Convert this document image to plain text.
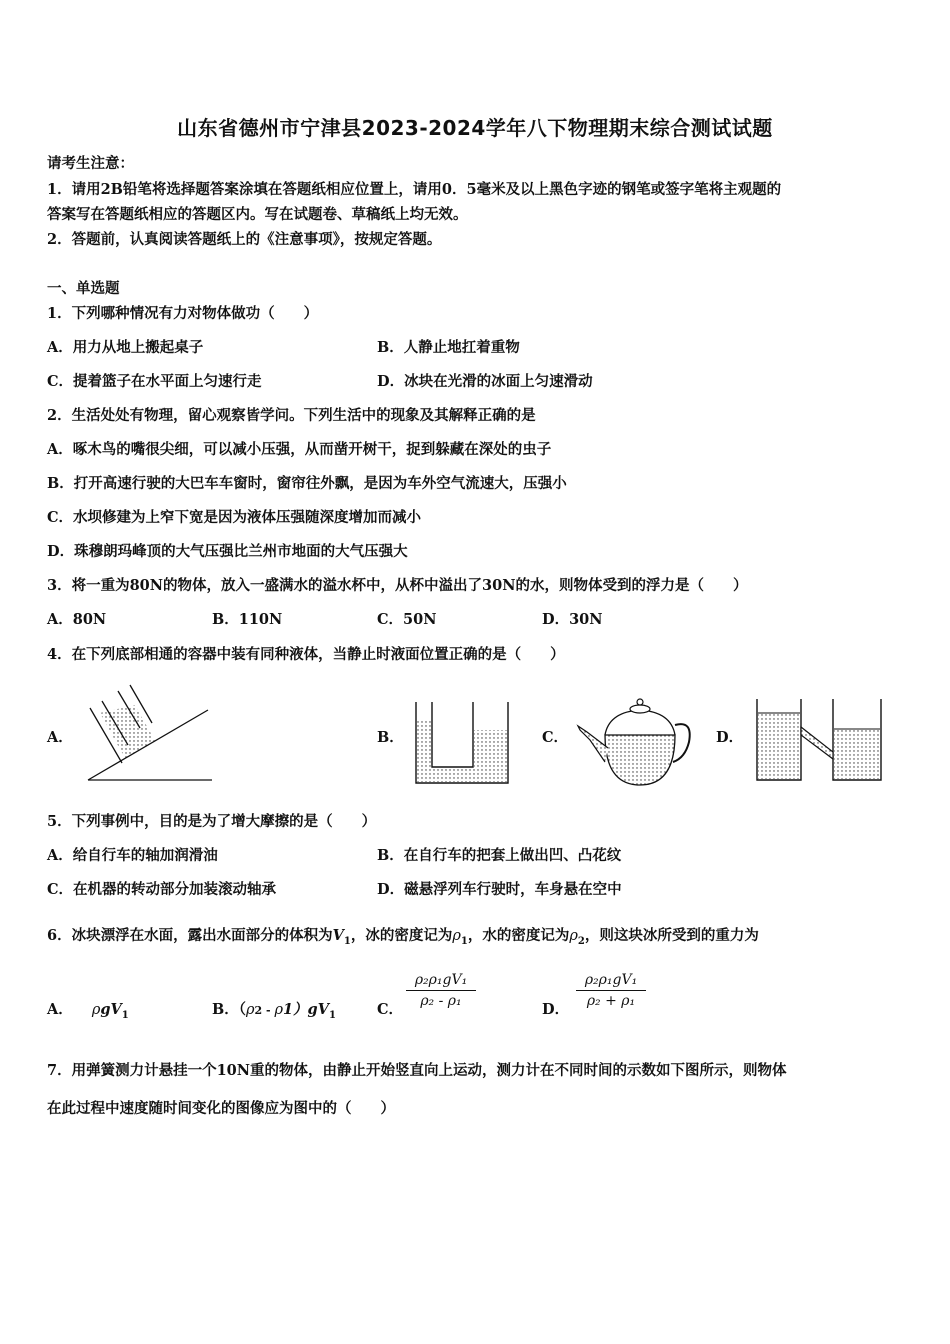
山东省德州市宁津县2023-2024学年八下物理期末综合测试试题
请考生注意：
1．请用2B铅笔将选择题答案涂填在答题纸相应位置上，请用0．5毫米及以上黑色字迹的钢笔或签字笔将主观题的
答案写在答题纸相应的答题区内。写在试题卷、草稿纸上均无效。
2．答题前，认真阅读答题纸上的《注意事项》，按规定答题。
一、单选题
1．下列哪种情况有力对物体做功（　　）
A．用力从地上搬起桌子	B．人静止地扛着重物
C．提着篮子在水平面上匀速行走	D．冰块在光滑的冰面上匀速滑动
2．生活处处有物理，留心观察皆学问。下列生活中的现象及其解释正确的是
A．啄木鸟的嘴很尖细，可以减小压强，从而凿开树干，捉到躲藏在深处的虫子
B．打开高速行驶的大巴车车窗时，窗帘往外飘，是因为车外空气流速大，压强小
C．水坝修建为上窄下宽是因为液体压强随深度增加而减小
D．珠穆朗玛峰顶的大气压强比兰州市地面的大气压强大
3．将一重为80N的物体，放入一盛满水的溢水杯中，从杯中溢出了30N的水，则物体受到的浮力是（　　）
A．80N	B．110N	C．50N	D．30N
4．在下列底部相通的容器中装有同种液体，当静止时液面位置正确的是（　　）
A．	B．	C．	D．
5．下列事例中，目的是为了增大摩擦的是（　　）
A．给自行车的轴加润滑油	B．在自行车的把套上做出凹、凸花纹
C．在机器的转动部分加装滚动轴承	D．磁悬浮列车行驶时，车身悬在空中
6．冰块漂浮在水面，露出水面部分的体积为$V_1$，冰的密度记为$\rho_1$，水的密度记为$\rho_2$，则这块冰所受到的重力为
A． ρgV$_1$	B．$(\rho 2 - \rho 1)gV_1$	C．
ρ₂ρ₁gV₁
ρ₂ - ρ₁	D．
ρ₂ρ₁gV₁
ρ₂ + ρ₁
7．用弹簧测力计悬挂一个10N重的物体，由静止开始竖直向上运动，测力计在不同时间的示数如下图所示，则物体
在此过程中速度随时间变化的图像应为图中的（　　）
